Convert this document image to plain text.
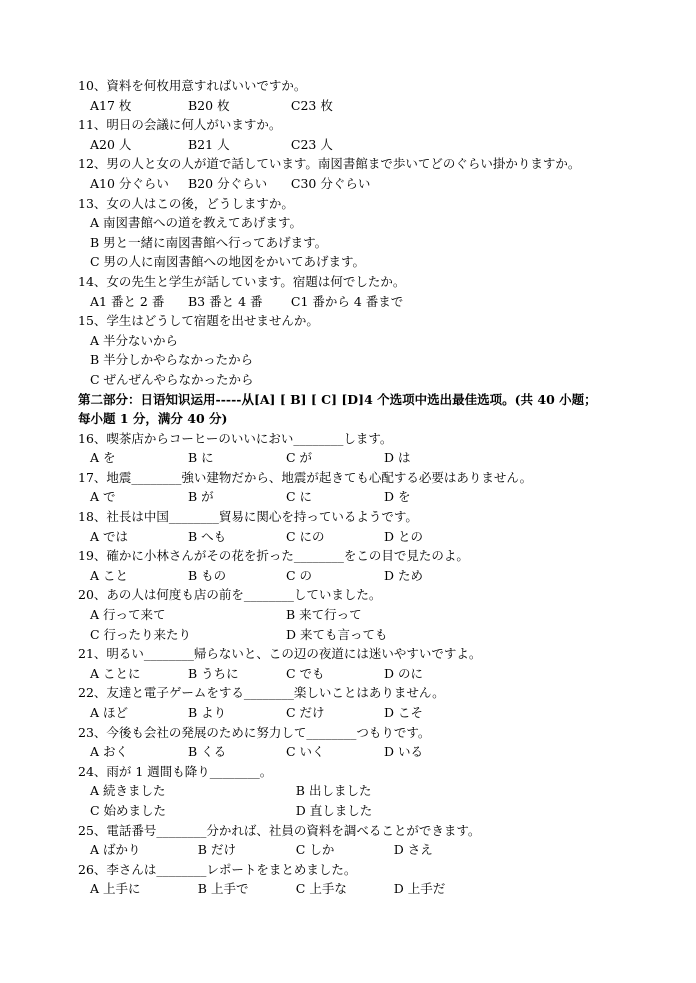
10、資料を何枚用意すればいいですか。
A17 枚	B20 枚	C23 枚
11、明日の会議に何人がいますか。
A20 人	B21 人	C23 人
12、男の人と女の人が道で話しています。南図書館まで歩いてどのぐらい掛かりますか。
A10 分ぐらい B20 分ぐらい C30 分ぐらい
13、女の人はこの後，どうしますか。
A 南図書館への道を教えてあげます。
B 男と一緒に南図書館へ行ってあげます。
C 男の人に南図書館への地図をかいてあげます。
14、女の先生と学生が話しています。宿題は何でしたか。
A1 番と 2 番 B3 番と 4 番 C1 番から 4 番まで
15、学生はどうして宿題を出せませんか。
A 半分ないから
B 半分しかやらなかったから
C ぜんぜんやらなかったから
第二部分：日语知识运用-----从[A] [ B] [ C] [D]4 个选项中选出最佳选项。(共 40 小题；
每小题 1 分，满分 40 分)
16、喫茶店からコーヒーのいいにおい________します。
A を	B に	C が	D は
17、地震________強い建物だから、地震が起きても心配する必要はありません。
A で	B が	C に	D を
18、社長は中国________貿易に関心を持っているようです。
A では	B へも	C にの	D との
19、確かに小林さんがその花を折った________をこの目で見たのよ。
A こと	B もの	C の	D ため
20、あの人は何度も店の前を________していました。
A 行って来て	B 来て行って
C 行ったり来たり	D 来ても言っても
21、明るい________帰らないと、この辺の夜道には迷いやすいですよ。
A ことに	B うちに	C でも	D のに
22、友達と電子ゲームをする________楽しいことはありません。
A ほど	B より	C だけ	D こそ
23、今後も会社の発展のために努力して________つもりです。
A おく	B くる	C いく	D いる
24、雨が 1 週間も降り________。
A 続きました	B 出しました
C 始めました	D 直しました
25、電話番号________分かれば、社員の資料を調べることができます。
A ばかり	B だけ	C しか	D さえ
26、李さんは________レポートをまとめました。
A 上手に	B 上手で	C 上手な	D 上手だ
